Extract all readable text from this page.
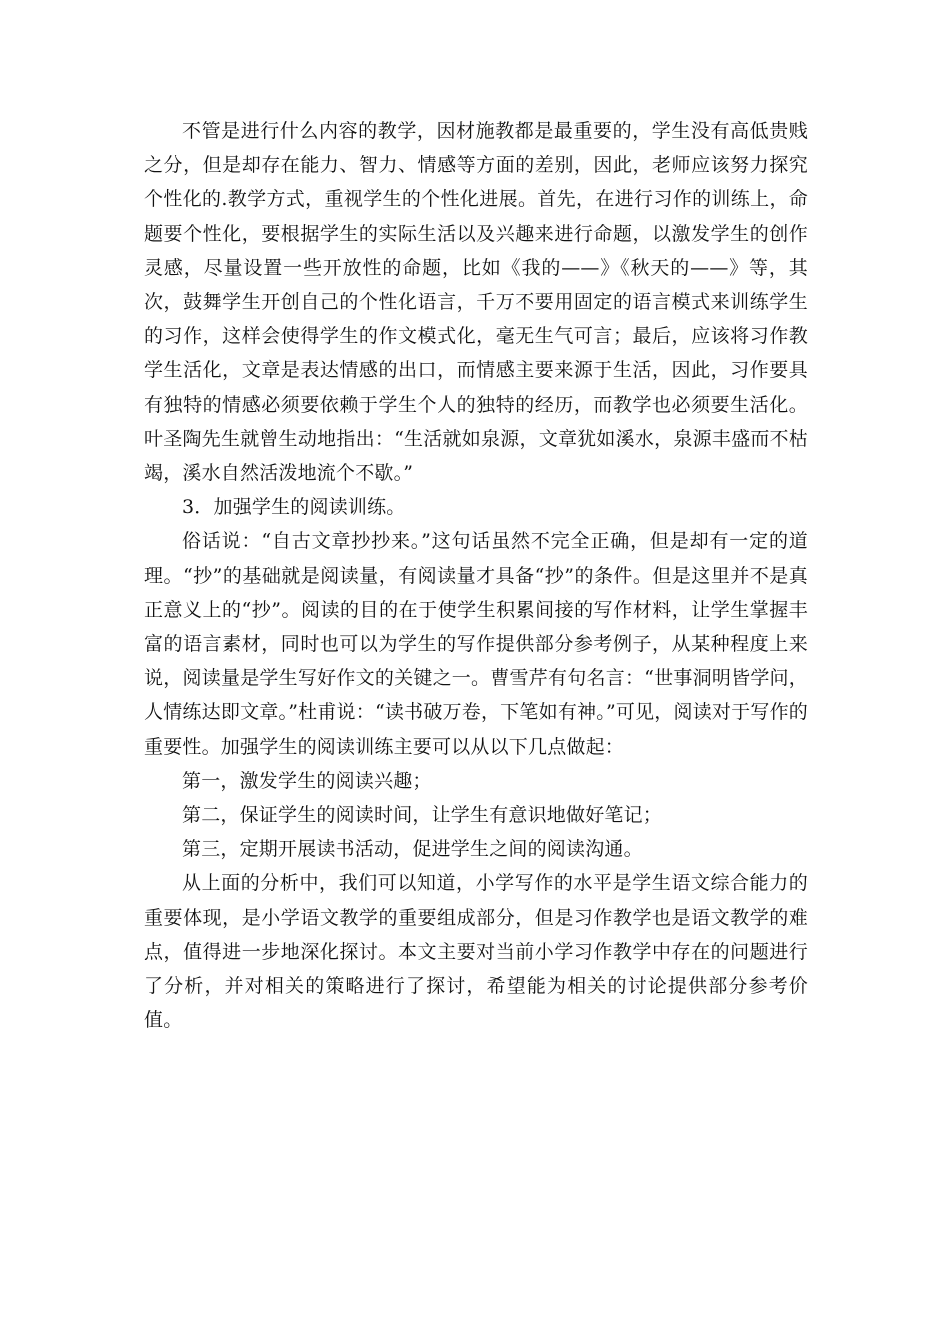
不管是进行什么内容的教学，因材施教都是最重要的，学生没有高低贵贱之分，但是却存在能力、智力、情感等方面的差别，因此，老师应该努力探究个性化的.教学方式，重视学生的个性化进展。首先，在进行习作的训练上，命题要个性化，要根据学生的实际生活以及兴趣来进行命题，以激发学生的创作灵感，尽量设置一些开放性的命题，比如《我的——》《秋天的——》等，其次，鼓舞学生开创自己的个性化语言，千万不要用固定的语言模式来训练学生的习作，这样会使得学生的作文模式化，毫无生气可言；最后，应该将习作教学生活化，文章是表达情感的出口，而情感主要来源于生活，因此，习作要具有独特的情感必须要依赖于学生个人的独特的经历，而教学也必须要生活化。叶圣陶先生就曾生动地指出：“生活就如泉源，文章犹如溪水，泉源丰盛而不枯竭，溪水自然活泼地流个不歇。”

3．加强学生的阅读训练。

俗话说：“自古文章抄抄来。”这句话虽然不完全正确，但是却有一定的道理。“抄”的基础就是阅读量，有阅读量才具备“抄”的条件。但是这里并不是真正意义上的“抄”。阅读的目的在于使学生积累间接的写作材料，让学生掌握丰富的语言素材，同时也可以为学生的写作提供部分参考例子，从某种程度上来说，阅读量是学生写好作文的关键之一。曹雪芹有句名言：“世事洞明皆学问，人情练达即文章。”杜甫说：“读书破万卷，下笔如有神。”可见，阅读对于写作的重要性。加强学生的阅读训练主要可以从以下几点做起：

第一，激发学生的阅读兴趣；

第二，保证学生的阅读时间，让学生有意识地做好笔记；

第三，定期开展读书活动，促进学生之间的阅读沟通。

从上面的分析中，我们可以知道，小学写作的水平是学生语文综合能力的重要体现，是小学语文教学的重要组成部分，但是习作教学也是语文教学的难点，值得进一步地深化探讨。本文主要对当前小学习作教学中存在的问题进行了分析，并对相关的策略进行了探讨，希望能为相关的讨论提供部分参考价值。
